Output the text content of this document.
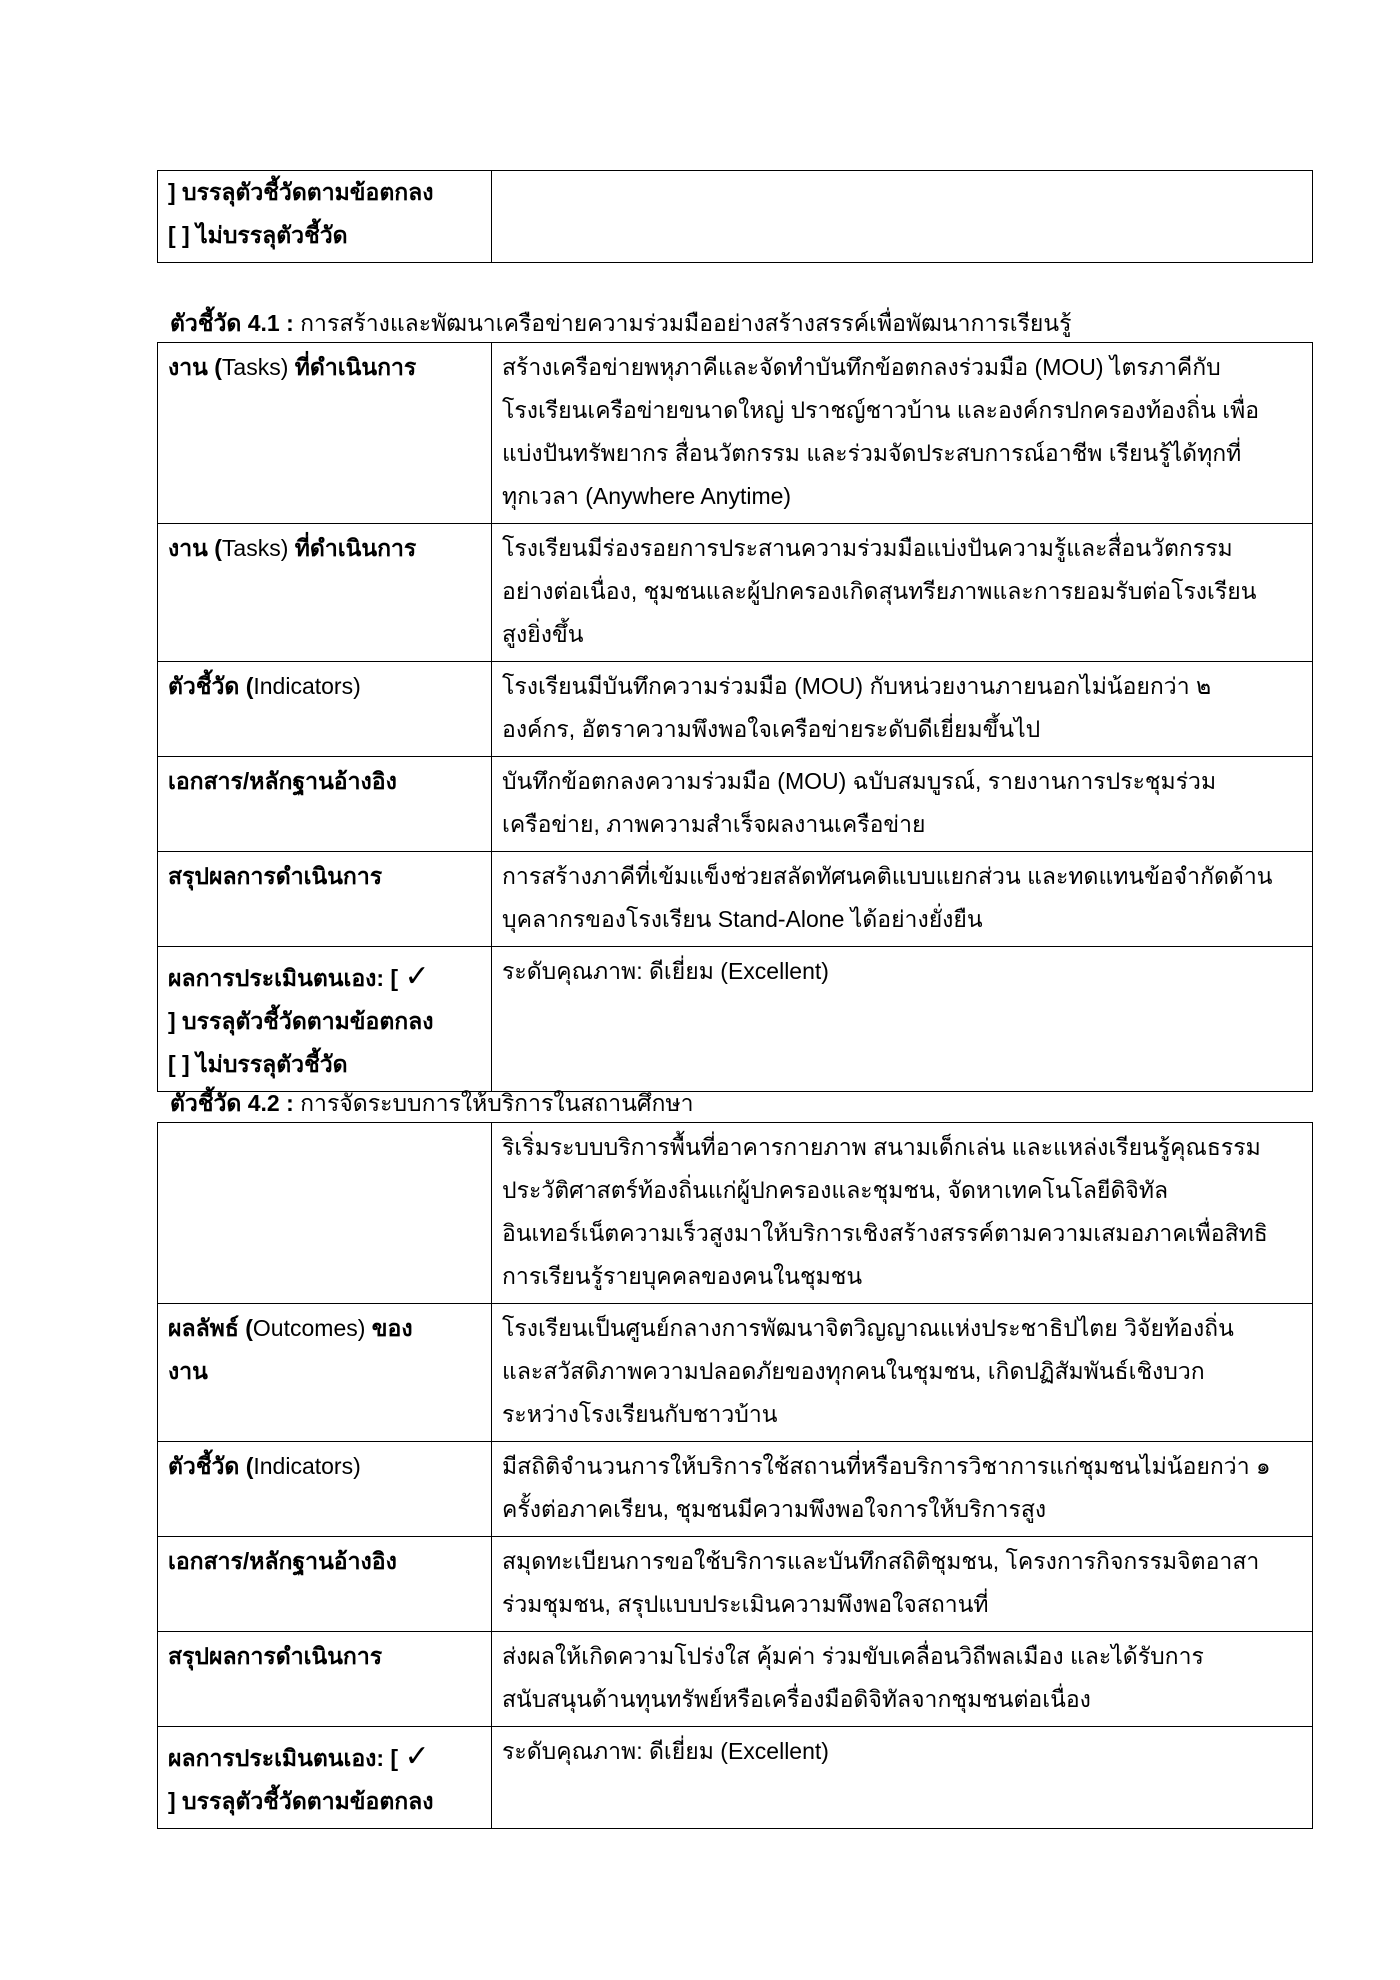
] บรรลุตัวชี้วัดตามข้อตกลง
[ ] ไม่บรรลุตัวชี้วัด

ตัวชี้วัด 4.1 : การสร้างและพัฒนาเครือข่ายความร่วมมืออย่างสร้างสรรค์เพื่อพัฒนาการเรียนรู้
งาน (Tasks) ที่ดำเนินการ	สร้างเครือข่ายพหุภาคีและจัดทำบันทึกข้อตกลงร่วมมือ (MOU) ไตรภาคีกับ
โรงเรียนเครือข่ายขนาดใหญ่ ปราชญ์ชาวบ้าน และองค์กรปกครองท้องถิ่น เพื่อ
แบ่งปันทรัพยากร สื่อนวัตกรรม และร่วมจัดประสบการณ์อาชีพ เรียนรู้ได้ทุกที่
ทุกเวลา (Anywhere Anytime)

งาน (Tasks) ที่ดำเนินการ	โรงเรียนมีร่องรอยการประสานความร่วมมือแบ่งปันความรู้และสื่อนวัตกรรม
อย่างต่อเนื่อง, ชุมชนและผู้ปกครองเกิดสุนทรียภาพและการยอมรับต่อโรงเรียน
สูงยิ่งขึ้น

ตัวชี้วัด (Indicators)	โรงเรียนมีบันทึกความร่วมมือ (MOU) กับหน่วยงานภายนอกไม่น้อยกว่า ๒
องค์กร, อัตราความพึงพอใจเครือข่ายระดับดีเยี่ยมขึ้นไป

เอกสาร/หลักฐานอ้างอิง	บันทึกข้อตกลงความร่วมมือ (MOU) ฉบับสมบูรณ์, รายงานการประชุมร่วม
เครือข่าย, ภาพความสำเร็จผลงานเครือข่าย

สรุปผลการดำเนินการ	การสร้างภาคีที่เข้มแข็งช่วยสลัดทัศนคติแบบแยกส่วน และทดแทนข้อจำกัดด้าน
บุคลากรของโรงเรียน Stand-Alone ได้อย่างยั่งยืน

ผลการประเมินตนเอง: [ ✓
] บรรลุตัวชี้วัดตามข้อตกลง
[ ] ไม่บรรลุตัวชี้วัด	ระดับคุณภาพ: ดีเยี่ยม (Excellent)
ตัวชี้วัด 4.2 : การจัดระบบการให้บริการในสถานศึกษา

	ริเริ่มระบบบริการพื้นที่อาคารกายภาพ สนามเด็กเล่น และแหล่งเรียนรู้คุณธรรม
ประวัติศาสตร์ท้องถิ่นแก่ผู้ปกครองและชุมชน, จัดหาเทคโนโลยีดิจิทัล
อินเทอร์เน็ตความเร็วสูงมาให้บริการเชิงสร้างสรรค์ตามความเสมอภาคเพื่อสิทธิ
การเรียนรู้รายบุคคลของคนในชุมชน

ผลลัพธ์ (Outcomes) ของ
งาน	โรงเรียนเป็นศูนย์กลางการพัฒนาจิตวิญญาณแห่งประชาธิปไตย วิจัยท้องถิ่น
และสวัสดิภาพความปลอดภัยของทุกคนในชุมชน, เกิดปฏิสัมพันธ์เชิงบวก
ระหว่างโรงเรียนกับชาวบ้าน

ตัวชี้วัด (Indicators)	มีสถิติจำนวนการให้บริการใช้สถานที่หรือบริการวิชาการแก่ชุมชนไม่น้อยกว่า ๑
ครั้งต่อภาคเรียน, ชุมชนมีความพึงพอใจการให้บริการสูง

เอกสาร/หลักฐานอ้างอิง	สมุดทะเบียนการขอใช้บริการและบันทึกสถิติชุมชน, โครงการกิจกรรมจิตอาสา
ร่วมชุมชน, สรุปแบบประเมินความพึงพอใจสถานที่

สรุปผลการดำเนินการ	ส่งผลให้เกิดความโปร่งใส คุ้มค่า ร่วมขับเคลื่อนวิถีพลเมือง และได้รับการ
สนับสนุนด้านทุนทรัพย์หรือเครื่องมือดิจิทัลจากชุมชนต่อเนื่อง

ผลการประเมินตนเอง: [ ✓
] บรรลุตัวชี้วัดตามข้อตกลง	ระดับคุณภาพ: ดีเยี่ยม (Excellent)
